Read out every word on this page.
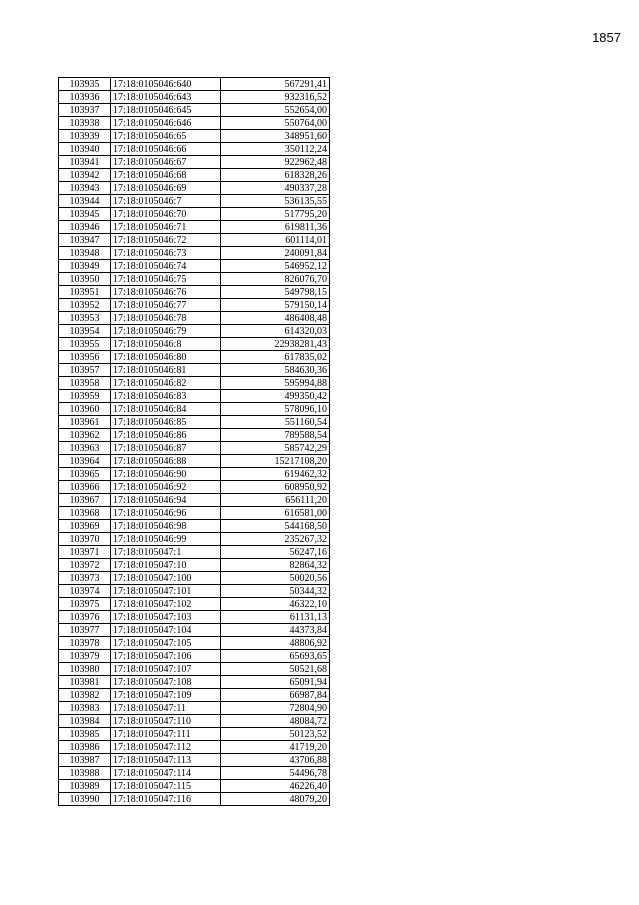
1857
103935	17:18:0105046:640	567291,41
103936	17:18:0105046:643	932316,52
103937	17:18:0105046:645	552654,00
103938	17:18:0105046:646	550764,00
103939	17:18:0105046:65	348951,60
103940	17:18:0105046:66	350112,24
103941	17:18:0105046:67	922962,48
103942	17:18:0105046:68	618328,26
103943	17:18:0105046:69	490337,28
103944	17:18:0105046:7	536135,55
103945	17:18:0105046:70	517795,20
103946	17:18:0105046:71	619811,36
103947	17:18:0105046:72	601114,01
103948	17:18:0105046:73	240091,84
103949	17:18:0105046:74	546952,12
103950	17:18:0105046:75	826076,70
103951	17:18:0105046:76	549798,15
103952	17:18:0105046:77	579150,14
103953	17:18:0105046:78	486408,48
103954	17:18:0105046:79	614320,03
103955	17:18:0105046:8	22938281,43
103956	17:18:0105046:80	617835,02
103957	17:18:0105046:81	584630,36
103958	17:18:0105046:82	595994,88
103959	17:18:0105046:83	499350,42
103960	17:18:0105046:84	578096,10
103961	17:18:0105046:85	551160,54
103962	17:18:0105046:86	789588,54
103963	17:18:0105046:87	585742,29
103964	17:18:0105046:88	15217108,20
103965	17:18:0105046:90	619462,32
103966	17:18:0105046:92	608950,92
103967	17:18:0105046:94	656111,20
103968	17:18:0105046:96	616581,00
103969	17:18:0105046:98	544168,50
103970	17:18:0105046:99	235267,32
103971	17:18:0105047:1	56247,16
103972	17:18:0105047:10	82864,32
103973	17:18:0105047:100	50020,56
103974	17:18:0105047:101	50344,32
103975	17:18:0105047:102	46322,10
103976	17:18:0105047:103	61131,13
103977	17:18:0105047:104	44373,84
103978	17:18:0105047:105	48806,92
103979	17:18:0105047:106	65693,65
103980	17:18:0105047:107	50521,68
103981	17:18:0105047:108	65091,94
103982	17:18:0105047:109	66987,84
103983	17:18:0105047:11	72804,90
103984	17:18:0105047:110	48084,72
103985	17:18:0105047:111	50123,52
103986	17:18:0105047:112	41719,20
103987	17:18:0105047:113	43706,88
103988	17:18:0105047:114	54496,78
103989	17:18:0105047:115	46226,40
103990	17:18:0105047:116	48079,20
